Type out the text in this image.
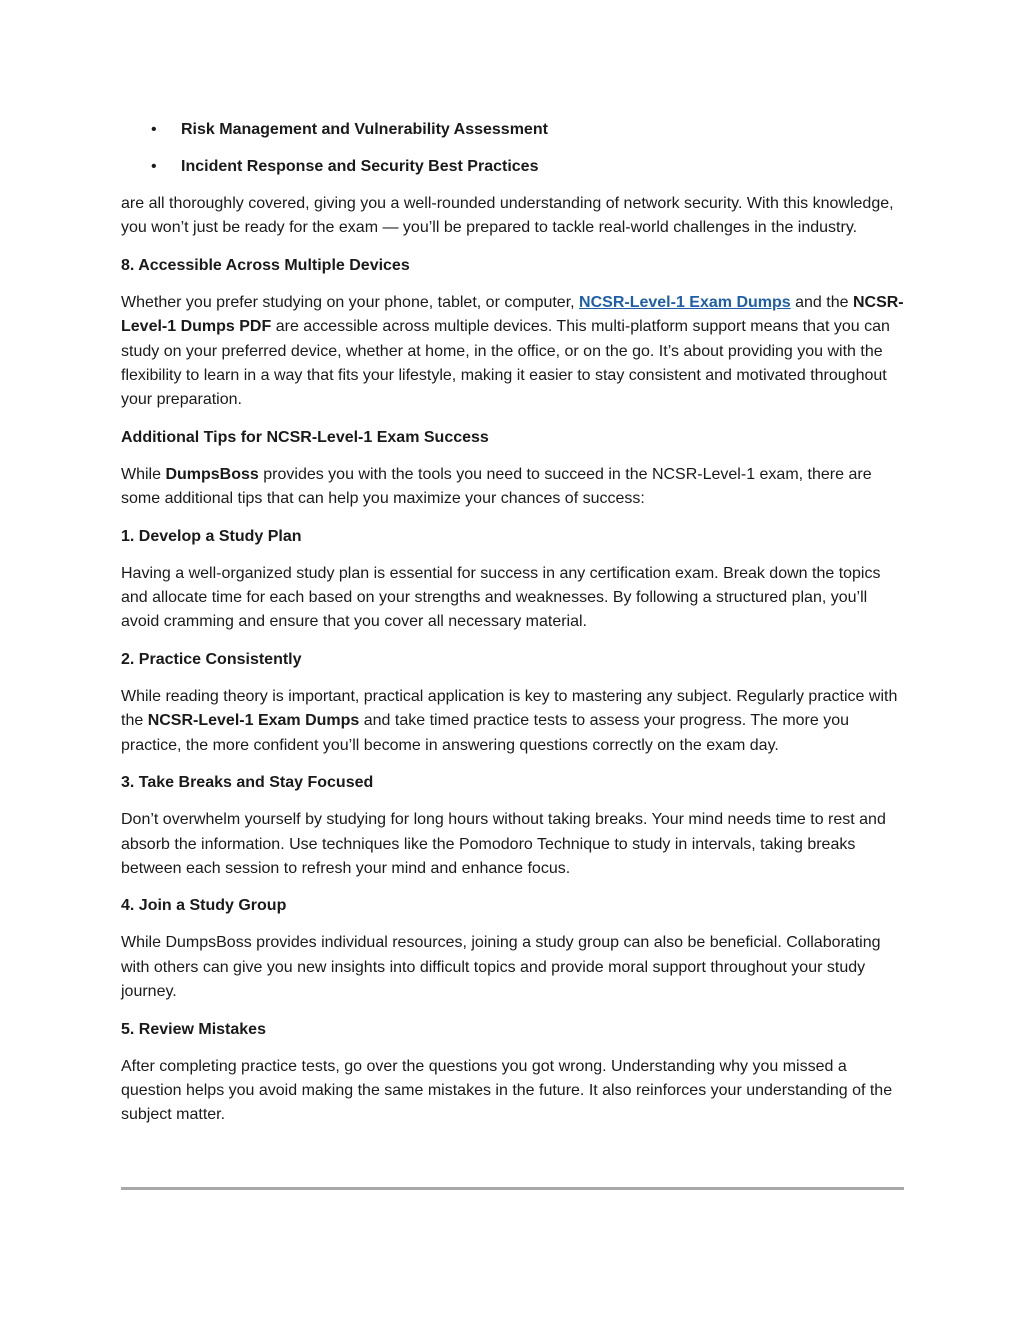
• Risk Management and Vulnerability Assessment
• Incident Response and Security Best Practices

are all thoroughly covered, giving you a well-rounded understanding of network security. With this knowledge, you won’t just be ready for the exam — you’ll be prepared to tackle real-world challenges in the industry.

8. Accessible Across Multiple Devices

Whether you prefer studying on your phone, tablet, or computer, NCSR-Level-1 Exam Dumps and the NCSR-Level-1 Dumps PDF are accessible across multiple devices. This multi-platform support means that you can study on your preferred device, whether at home, in the office, or on the go. It’s about providing you with the flexibility to learn in a way that fits your lifestyle, making it easier to stay consistent and motivated throughout your preparation.

Additional Tips for NCSR-Level-1 Exam Success

While DumpsBoss provides you with the tools you need to succeed in the NCSR-Level-1 exam, there are some additional tips that can help you maximize your chances of success:

1. Develop a Study Plan

Having a well-organized study plan is essential for success in any certification exam. Break down the topics and allocate time for each based on your strengths and weaknesses. By following a structured plan, you’ll avoid cramming and ensure that you cover all necessary material.

2. Practice Consistently

While reading theory is important, practical application is key to mastering any subject. Regularly practice with the NCSR-Level-1 Exam Dumps and take timed practice tests to assess your progress. The more you practice, the more confident you’ll become in answering questions correctly on the exam day.

3. Take Breaks and Stay Focused

Don’t overwhelm yourself by studying for long hours without taking breaks. Your mind needs time to rest and absorb the information. Use techniques like the Pomodoro Technique to study in intervals, taking breaks between each session to refresh your mind and enhance focus.

4. Join a Study Group

While DumpsBoss provides individual resources, joining a study group can also be beneficial. Collaborating with others can give you new insights into difficult topics and provide moral support throughout your study journey.

5. Review Mistakes

After completing practice tests, go over the questions you got wrong. Understanding why you missed a question helps you avoid making the same mistakes in the future. It also reinforces your understanding of the subject matter.
